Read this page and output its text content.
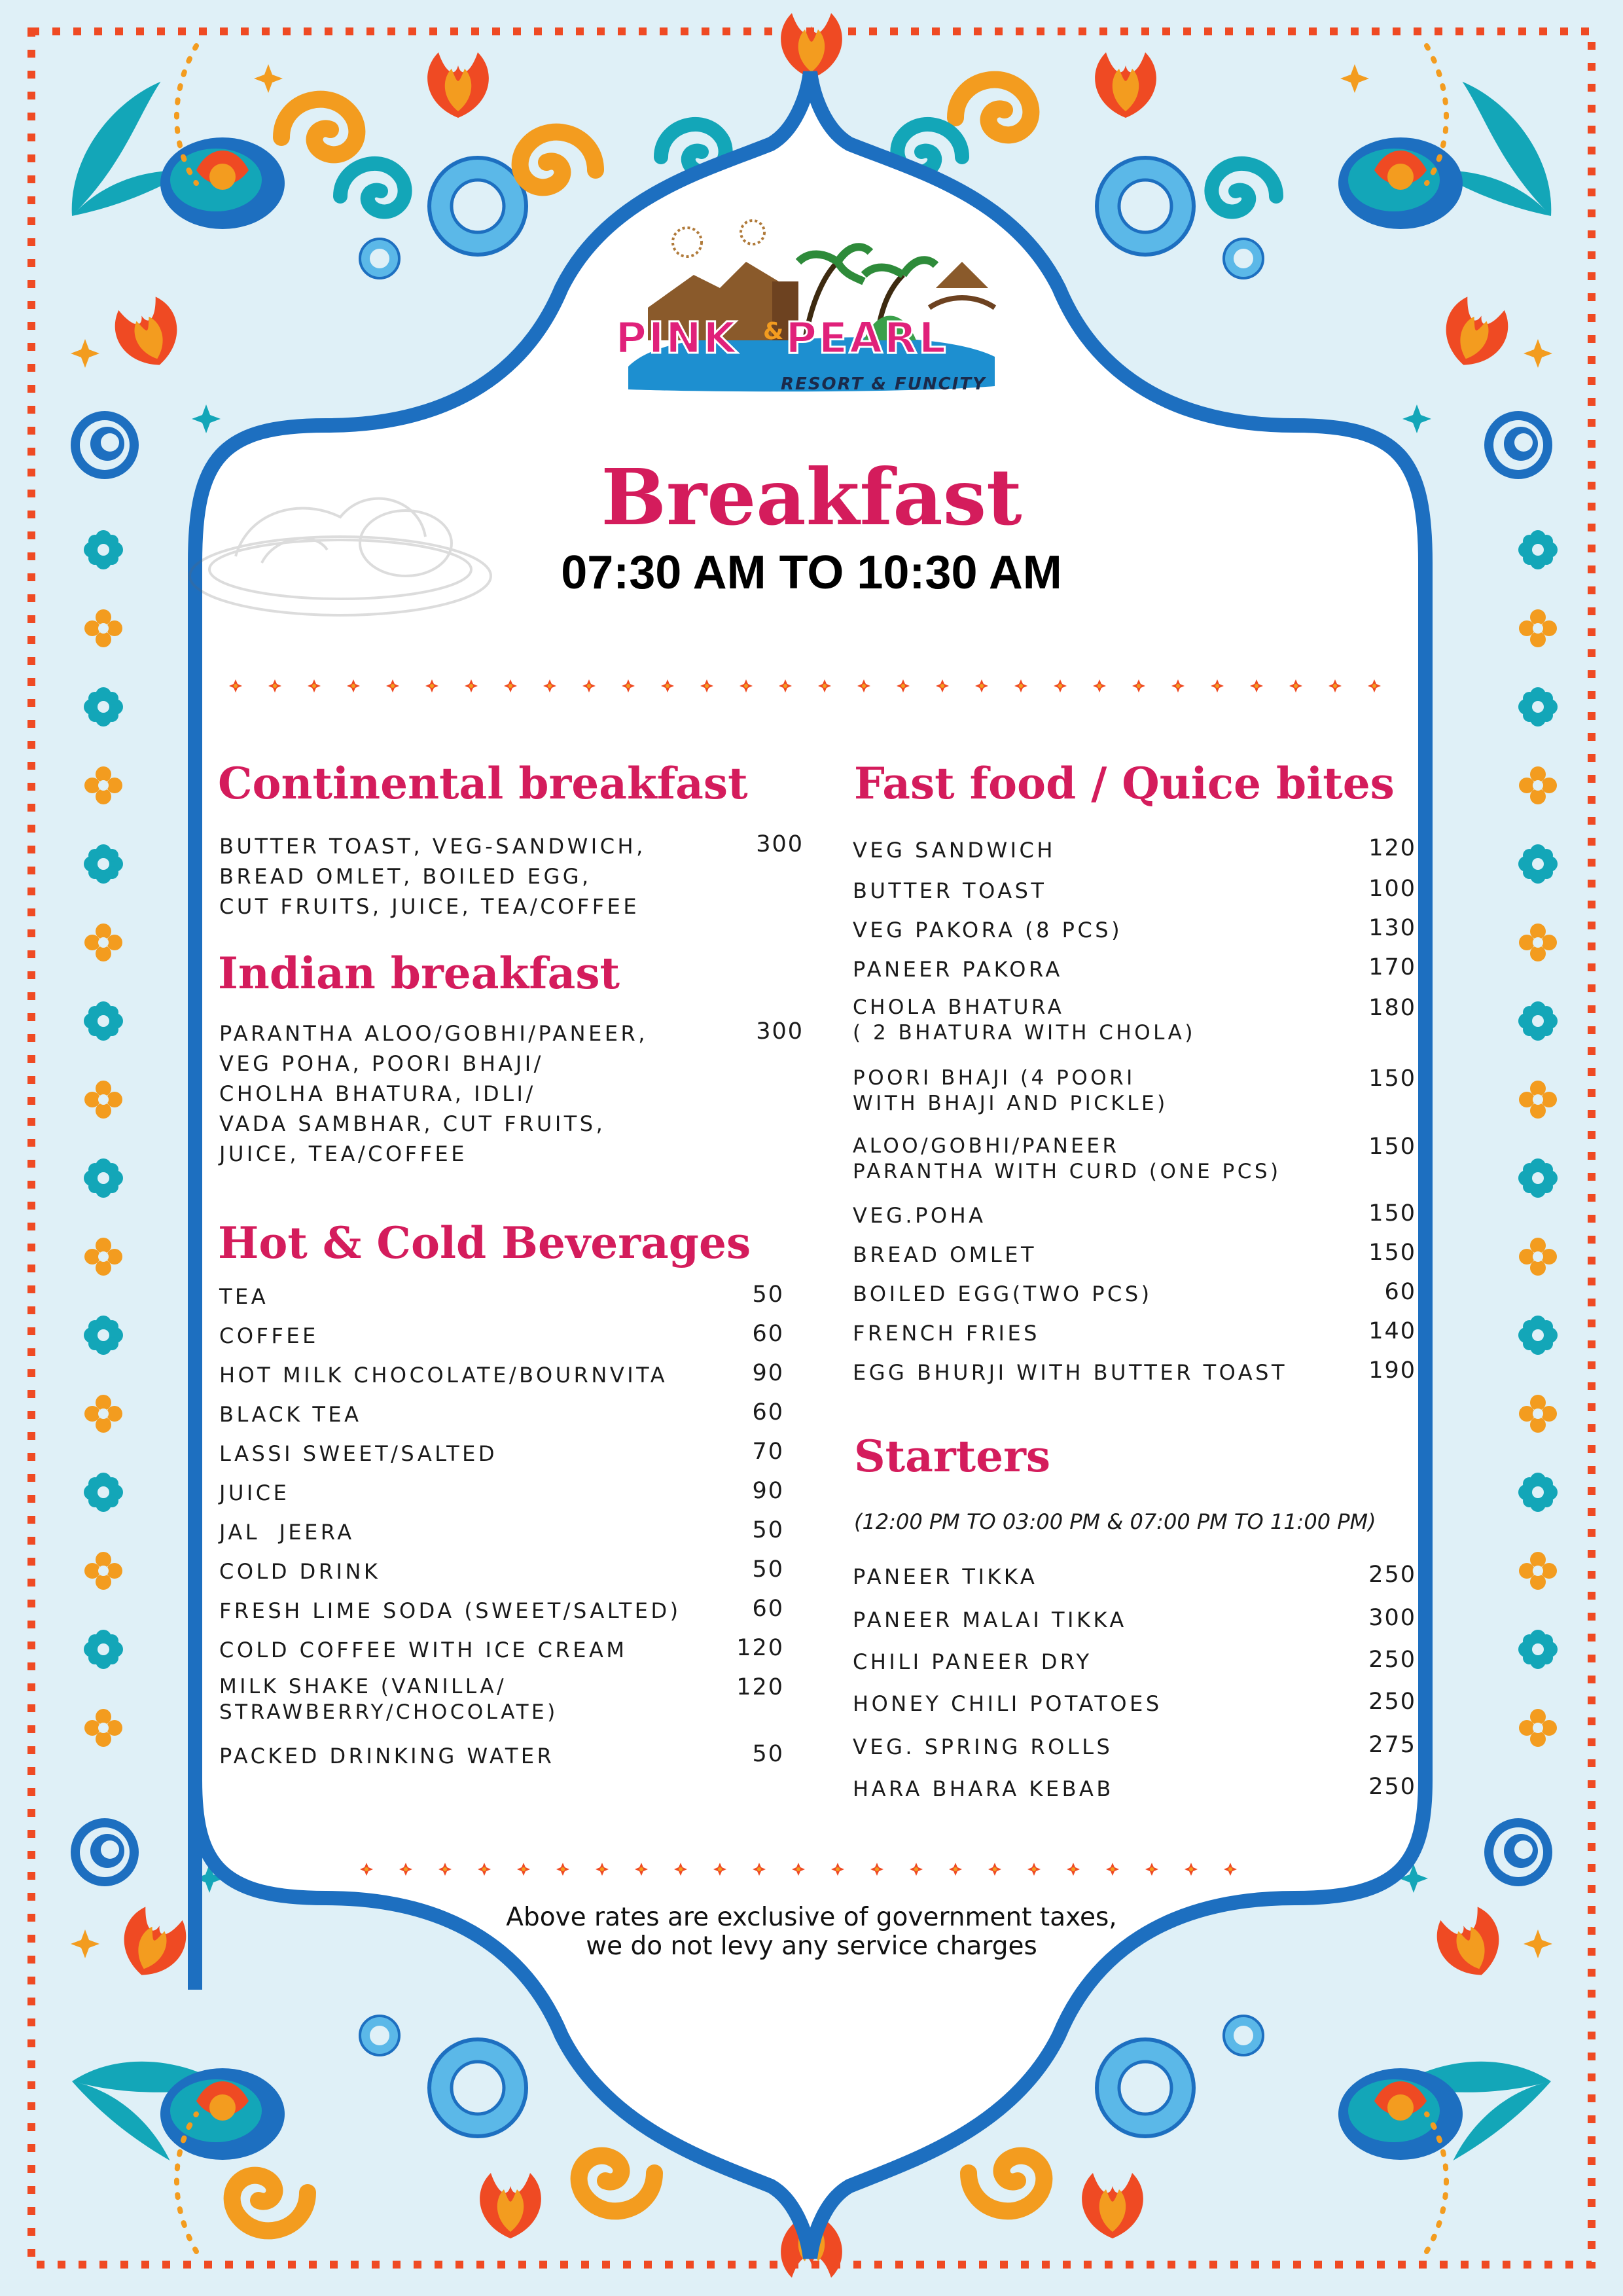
PINK & PEARL
RESORT & FUNCITY
Breakfast
07:30 AM TO 10:30 AM
Continental breakfast
BUTTER TOAST, VEG-SANDWICH,
BREAD OMLET, BOILED EGG,
CUT FRUITS, JUICE, TEA/COFFEE
300
Indian breakfast
PARANTHA ALOO/GOBHI/PANEER,
VEG POHA, POORI BHAJI/
CHOLHA BHATURA, IDLI/
VADA SAMBHAR, CUT FRUITS,
JUICE, TEA/COFFEE
300
Hot & Cold Beverages
TEA	50
COFFEE	60
HOT MILK CHOCOLATE/BOURNVITA	90
BLACK TEA	60
LASSI SWEET/SALTED	70
JUICE	90
JAL  JEERA	50
COLD DRINK	50
FRESH LIME SODA (SWEET/SALTED)	60
COLD COFFEE WITH ICE CREAM	120
MILK SHAKE (VANILLA/
STRAWBERRY/CHOCOLATE)
120
PACKED DRINKING WATER	50
Fast food / Quice bites
VEG SANDWICH	120
BUTTER TOAST	100
VEG PAKORA (8 PCS)	130
PANEER PAKORA	170
CHOLA BHATURA
( 2 BHATURA WITH CHOLA)
180
POORI BHAJI (4 POORI
WITH BHAJI AND PICKLE)
150
ALOO/GOBHI/PANEER
PARANTHA WITH CURD (ONE PCS)
150
VEG.POHA	150
BREAD OMLET	150
BOILED EGG(TWO PCS)	60
FRENCH FRIES	140
EGG BHURJI WITH BUTTER TOAST	190
Starters
(12:00 PM TO 03:00 PM & 07:00 PM TO 11:00 PM)
PANEER TIKKA	250
PANEER MALAI TIKKA	300
CHILI PANEER DRY	250
HONEY CHILI POTATOES	250
VEG. SPRING ROLLS	275
HARA BHARA KEBAB	250
Above rates are exclusive of government taxes,
we do not levy any service charges
